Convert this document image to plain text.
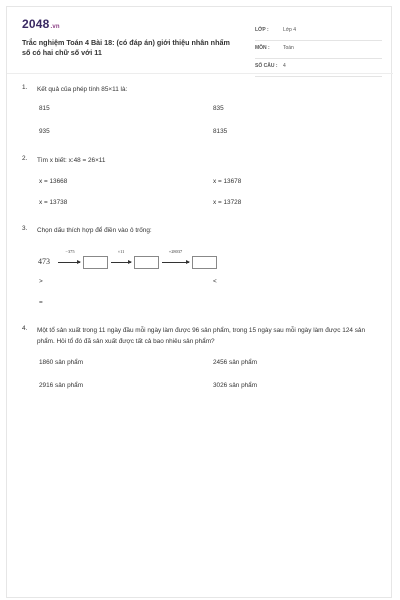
2048.vn
Trắc nghiệm Toán 4 Bài 18: (có đáp án) giới thiệu nhân nhẩm số có hai chữ số với 11
LỚP :	Lớp 4
MÔN :	Toán
SỐ CÂU : 4
1. Kết quả của phép tính 85×11 là:
815	835
935	8135
2. Tìm x biết: x:48 = 26×11
x = 13668	x = 13678
x = 13738	x = 13728
3. Chọn dấu thích hợp để điền vào ô trống:
473
−375	×11	+28037
>	<
=
4. Một tổ sản xuất trong 11 ngày đầu mỗi ngày làm được 96 sản phẩm, trong 15 ngày sau mỗi ngày làm được 124 sản phẩm. Hỏi tổ đó đã sản xuất được tất cả bao nhiêu sản phẩm?
1860 sản phẩm	2456 sản phẩm
2916 sản phẩm	3026 sản phẩm
